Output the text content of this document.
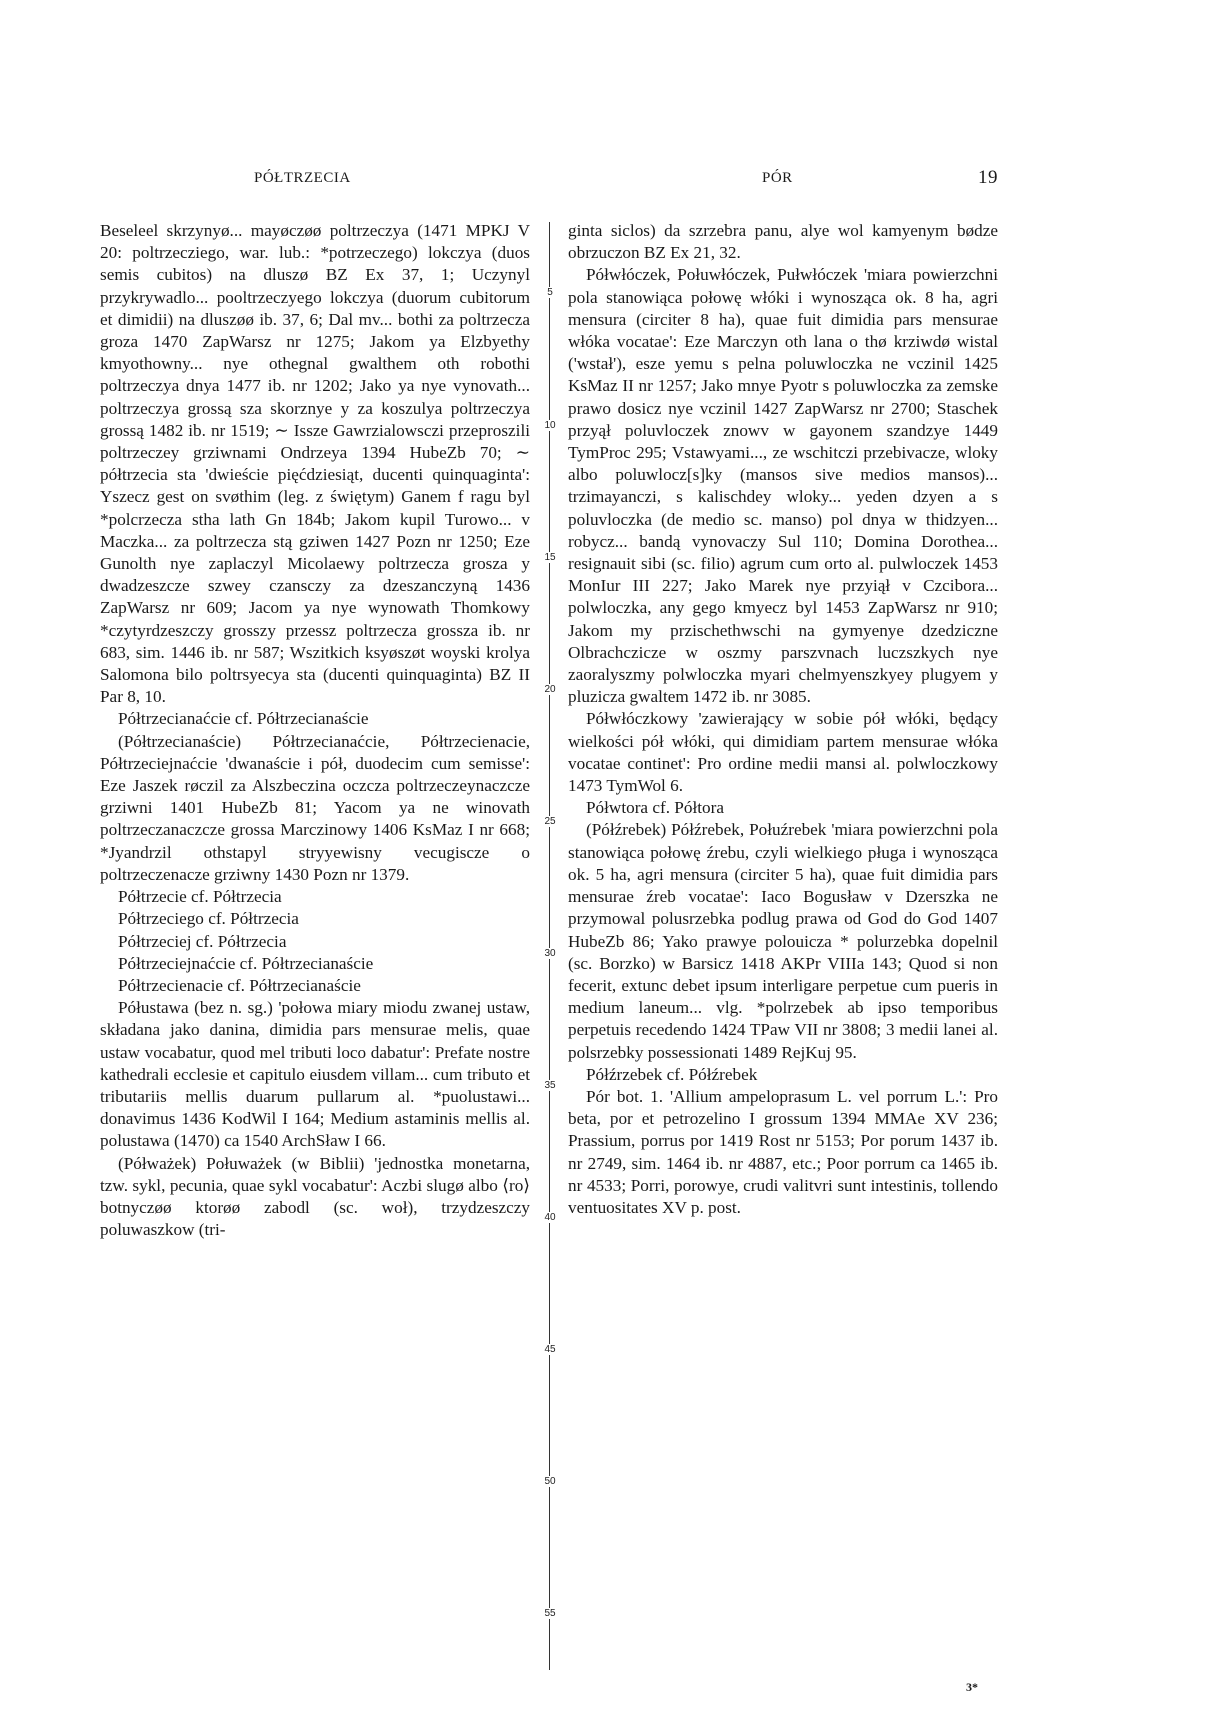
PÓŁTRZECIA	PÓR	19

Beseleel skrzynyø... mayøczøø poltrzeczya (1471 MPKJ V 20: poltrzecziego, war. lub.: *potrzeczego) lokczya (duos semis cubitos) na dluszø BZ Ex 37, 1; Uczynyl przykrywadlo... pooltrzeczyego lokczya (duorum cubitorum et dimidii) na dluszøø ib. 37, 6; Dal mv... bothi za poltrzecza groza 1470 ZapWarsz nr 1275; Jakom ya Elzbyethy kmyothowny... nye othegnal gwalthem oth robothi poltrzeczya dnya 1477 ib. nr 1202; Jako ya nye vynovath... poltrzeczya grossą sza skorznye y za koszulya poltrzeczya grossą 1482 ib. nr 1519; ∼ Issze Gawrzialowsczi przeproszili poltrzeczey grziwnami Ondrzeya 1394 HubeZb 70; ∼ półtrzecia sta 'dwieście pięćdziesiąt, ducenti quinquaginta': Yszecz gest on svøthim (leg. z świętym) Ganem f ragu byl *polcrzecza stha lath Gn 184b; Jakom kupil Turowo... v Maczka... za poltrzecza stą gziwen 1427 Pozn nr 1250; Eze Gunolth nye zaplaczyl Micolaewy poltrzecza grosza y dwadzeszcze szwey czansczy za dzeszanczyną 1436 ZapWarsz nr 609; Jacom ya nye wynowath Thomkowy *czytyrdzeszczy grosszy przessz poltrzecza grossza ib. nr 683, sim. 1446 ib. nr 587; Wszitkich ksyøszøt woyski krolya Salomona bilo poltrsyecya sta (ducenti quinquaginta) BZ II Par 8, 10.

Półtrzecianaćcie cf. Półtrzecianaście

(Półtrzecianaście) Półtrzecianaćcie, Półtrzecienacie, Półtrzeciejnaćcie 'dwanaście i pół, duodecim cum semisse': Eze Jaszek røczil za Alszbeczina oczcza poltrzeczeynaczcze grziwni 1401 HubeZb 81; Yacom ya ne winovath poltrzeczanaczcze grossa Marczinowy 1406 KsMaz I nr 668; *Jyandrzil othstapyl stryyewisny vecugiscze o poltrzeczenacze grziwny 1430 Pozn nr 1379.

Półtrzecie cf. Półtrzecia

Półtrzeciego cf. Półtrzecia

Półtrzeciej cf. Półtrzecia

Półtrzeciejnaćcie cf. Półtrzecianaście

Półtrzecienacie cf. Półtrzecianaście

Półustawa (bez n. sg.) 'połowa miary miodu zwanej ustaw, składana jako danina, dimidia pars mensurae melis, quae ustaw vocabatur, quod mel tributi loco dabatur': Prefate nostre kathedrali ecclesie et capitulo eiusdem villam... cum tributo et tributariis mellis duarum pullarum al. *puolustawi... donavimus 1436 KodWil I 164; Medium astaminis mellis al. polustawa (1470) ca 1540 ArchSław I 66.

(Półważek) Połuważek (w Biblii) 'jednostka monetarna, tzw. sykl, pecunia, quae sykl vocabatur': Aczbi slugø albo ⟨ro⟩botnyczøø ktorøø zabodl (sc. woł), trzydzeszczy poluwaszkow (tri-

5
10
15
20
25
30
35
40
45
50
55

ginta siclos) da szrzebra panu, alye wol kamyenym bødze obrzuczon BZ Ex 21, 32.

Półwłóczek, Połuwłóczek, Pułwłóczek 'miara powierzchni pola stanowiąca połowę włóki i wynosząca ok. 8 ha, agri mensura (circiter 8 ha), quae fuit dimidia pars mensurae włóka vocatae': Eze Marczyn oth lana o thø krziwdø wistal ('wstał'), esze yemu s pelna poluwloczka ne vczinil 1425 KsMaz II nr 1257; Jako mnye Pyotr s poluwloczka za zemske prawo dosicz nye vczinil 1427 ZapWarsz nr 2700; Staschek przyął poluvloczek znowv w gayonem szandzye 1449 TymProc 295; Vstawyami..., ze wschitczi przebivacze, wloky albo poluwlocz[s]ky (mansos sive medios mansos)... trzimayanczi, s kalischdey wloky... yeden dzyen a s poluvloczka (de medio sc. manso) pol dnya w thidzyen... robycz... bandą vynovaczy Sul 110; Domina Dorothea... resignauit sibi (sc. filio) agrum cum orto al. pulwloczek 1453 MonIur III 227; Jako Marek nye przyiął v Czcibora... polwloczka, any gego kmyecz byl 1453 ZapWarsz nr 910; Jakom my przischethwschi na gymyenye dzedziczne Olbrachczicze w oszmy parszvnach luczszkych nye zaoralyszmy polwloczka myari chelmyenszkyey plugyem y pluzicza gwaltem 1472 ib. nr 3085.

Półwłóczkowy 'zawierający w sobie pół włóki, będący wielkości pół włóki, qui dimidiam partem mensurae włóka vocatae continet': Pro ordine medii mansi al. polwloczkowy 1473 TymWol 6.

Półwtora cf. Półtora

(Półźrebek) Półźrebek, Połuźrebek 'miara powierzchni pola stanowiąca połowę źrebu, czyli wielkiego pługa i wynosząca ok. 5 ha, agri mensura (circiter 5 ha), quae fuit dimidia pars mensurae źreb vocatae': Iaco Bogusław v Dzerszka ne przymowal polusrzebka podlug prawa od God do God 1407 HubeZb 86; Yako prawye polouicza * polurzebka dopelnil (sc. Borzko) w Barsicz 1418 AKPr VIIIa 143; Quod si non fecerit, extunc debet ipsum interligare perpetue cum pueris in medium laneum... vlg. *polrzebek ab ipso temporibus perpetuis recedendo 1424 TPaw VII nr 3808; 3 medii lanei al. polsrzebky possessionati 1489 RejKuj 95.

Półźrzebek cf. Półźrebek

Pór bot. 1. 'Allium ampeloprasum L. vel porrum L.': Pro beta, por et petrozelino I grossum 1394 MMAe XV 236; Prassium, porrus por 1419 Rost nr 5153; Por porum 1437 ib. nr 2749, sim. 1464 ib. nr 4887, etc.; Poor porrum ca 1465 ib. nr 4533; Porri, porowye, crudi valitvri sunt intestinis, tollendo ventuositates XV p. post.

3*
